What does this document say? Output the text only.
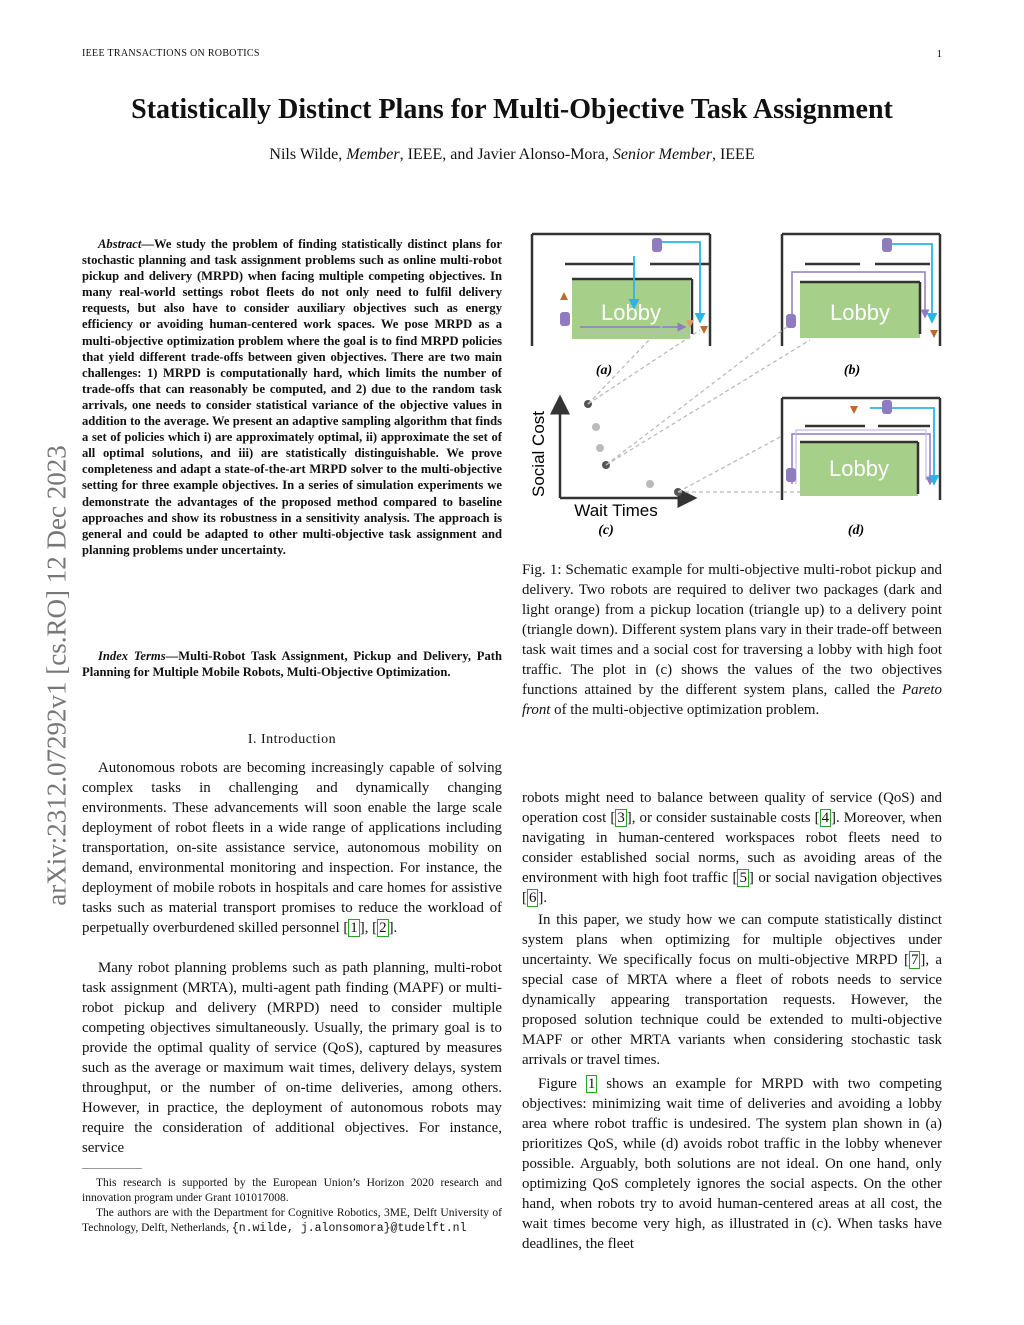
IEEE TRANSACTIONS ON ROBOTICS	1
arXiv:2312.07292v1 [cs.RO] 12 Dec 2023
Statistically Distinct Plans for Multi-Objective Task Assignment
Nils Wilde, Member, IEEE, and Javier Alonso-Mora, Senior Member, IEEE

Abstract—We study the problem of finding statistically distinct plans for stochastic planning and task assignment problems such as online multi-robot pickup and delivery (MRPD) when facing multiple competing objectives. In many real-world settings robot fleets do not only need to fulfil delivery requests, but also have to consider auxiliary objectives such as energy efficiency or avoiding human-centered work spaces. We pose MRPD as a multi-objective optimization problem where the goal is to find MRPD policies that yield different trade-offs between given objectives. There are two main challenges: 1) MRPD is computationally hard, which limits the number of trade-offs that can reasonably be computed, and 2) due to the random task arrivals, one needs to consider statistical variance of the objective values in addition to the average. We present an adaptive sampling algorithm that finds a set of policies which i) are approximately optimal, ii) approximate the set of all optimal solutions, and iii) are statistically distinguishable. We prove completeness and adapt a state-of-the-art MRPD solver to the multi-objective setting for three example objectives. In a series of simulation experiments we demonstrate the advantages of the proposed method compared to baseline approaches and show its robustness in a sensitivity analysis. The approach is general and could be adapted to other multi-objective task assignment and planning problems under uncertainty.

Index Terms—Multi-Robot Task Assignment, Pickup and Delivery, Path Planning for Multiple Mobile Robots, Multi-Objective Optimization.

I. Introduction

Autonomous robots are becoming increasingly capable of solving complex tasks in challenging and dynamically changing environments. These advancements will soon enable the large scale deployment of robot fleets in a wide range of applications including transportation, on-site assistance service, autonomous mobility on demand, environmental monitoring and inspection. For instance, the deployment of mobile robots in hospitals and care homes for assistive tasks such as material transport promises to reduce the workload of perpetually overburdened skilled personnel [ 1 ], [ 2 ].

Many robot planning problems such as path planning, multi-robot task assignment (MRTA), multi-agent path finding (MAPF) or multi-robot pickup and delivery (MRPD) need to consider multiple competing objectives simultaneously. Usually, the primary goal is to provide the optimal quality of service (QoS), captured by measures such as the average or maximum wait times, delivery delays, system throughput, or the number of on-time deliveries, among others. However, in practice, the deployment of autonomous robots may require the consideration of additional objectives. For instance, service

This research is supported by the European Union’s Horizon 2020 research and innovation program under Grant 101017008.

The authors are with the Department for Cognitive Robotics, 3ME, Delft University of Technology, Delft, Netherlands, {n.wilde, j.alonsomora}@tudelft.nl

Lobby
(a)
Lobby
(b)
Lobby
(d)
Social Cost
Wait Times
(c)

Fig. 1: Schematic example for multi-objective multi-robot pickup and delivery. Two robots are required to deliver two packages (dark and light orange) from a pickup location (triangle up) to a delivery point (triangle down). Different system plans vary in their trade-off between task wait times and a social cost for traversing a lobby with high foot traffic. The plot in (c) shows the values of the two objectives functions attained by the different system plans, called the Pareto front of the multi-objective optimization problem.

robots might need to balance between quality of service (QoS) and operation cost [ 3 ], or consider sustainable costs [ 4 ]. Moreover, when navigating in human-centered workspaces robot fleets need to consider established social norms, such as avoiding areas of the environment with high foot traffic [ 5 ] or social navigation objectives [ 6 ].

In this paper, we study how we can compute statistically distinct system plans when optimizing for multiple objectives under uncertainty. We specifically focus on multi-objective MRPD [ 7 ], a special case of MRTA where a fleet of robots needs to service dynamically appearing transportation requests. However, the proposed solution technique could be extended to multi-objective MAPF or other MRTA variants when considering stochastic task arrivals or travel times.

Figure 1 shows an example for MRPD with two competing objectives: minimizing wait time of deliveries and avoiding a lobby area where robot traffic is undesired. The system plan shown in (a) prioritizes QoS, while (d) avoids robot traffic in the lobby whenever possible. Arguably, both solutions are not ideal. On one hand, only optimizing QoS completely ignores the social aspects. On the other hand, when robots try to avoid human-centered areas at all cost, the wait times become very high, as illustrated in (c). When tasks have deadlines, the fleet
